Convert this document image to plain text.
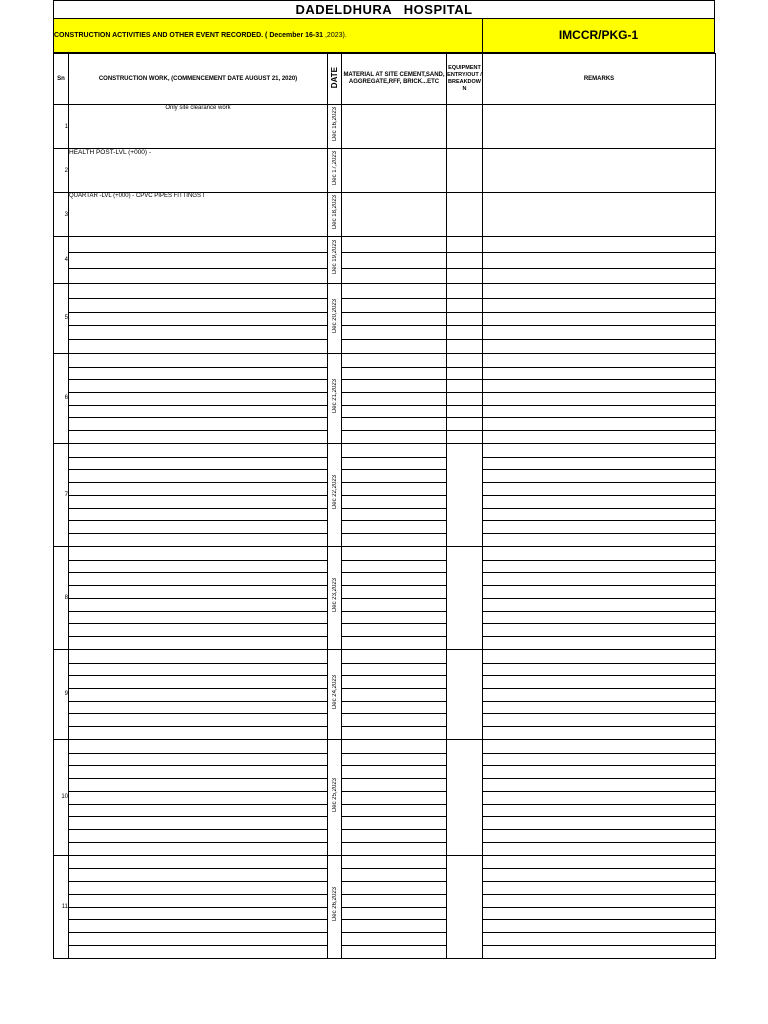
DADELDHURA HOSPITAL
CONSTRUCTION ACTIVITIES AND OTHER EVENT RECORDED. ( December 16-31 ,2023).	IMCCR/PKG-1
Sn	CONSTRUCTION WORK, (COMMENCEMENT DATE AUGUST 21, 2020)	DATE	MATERIAL AT SITE CEMENT,SAND, AGGREGATE,RFF, BRICK...ETC	EQUIPMENT ENTRY/OUT /BREAKDOWN	REMARKS
1	Only site clearance work	Dec 16,2023			
2	HEALTH POST-LVL (+000) -	Dec 17,2023			
3	QUARTAR -LVL (+000) - CPVC PIPES FITTINGS I	Dec 18,2023			
4		Dec 19,2023	

5		Dec 20,2023	

6		Dec 21,2023	

7		Dec 22,2023	

8		Dec 23,2023	

9		Dec 24,2023	

10		Dec 25,2023	

11		Dec 26,2023	
